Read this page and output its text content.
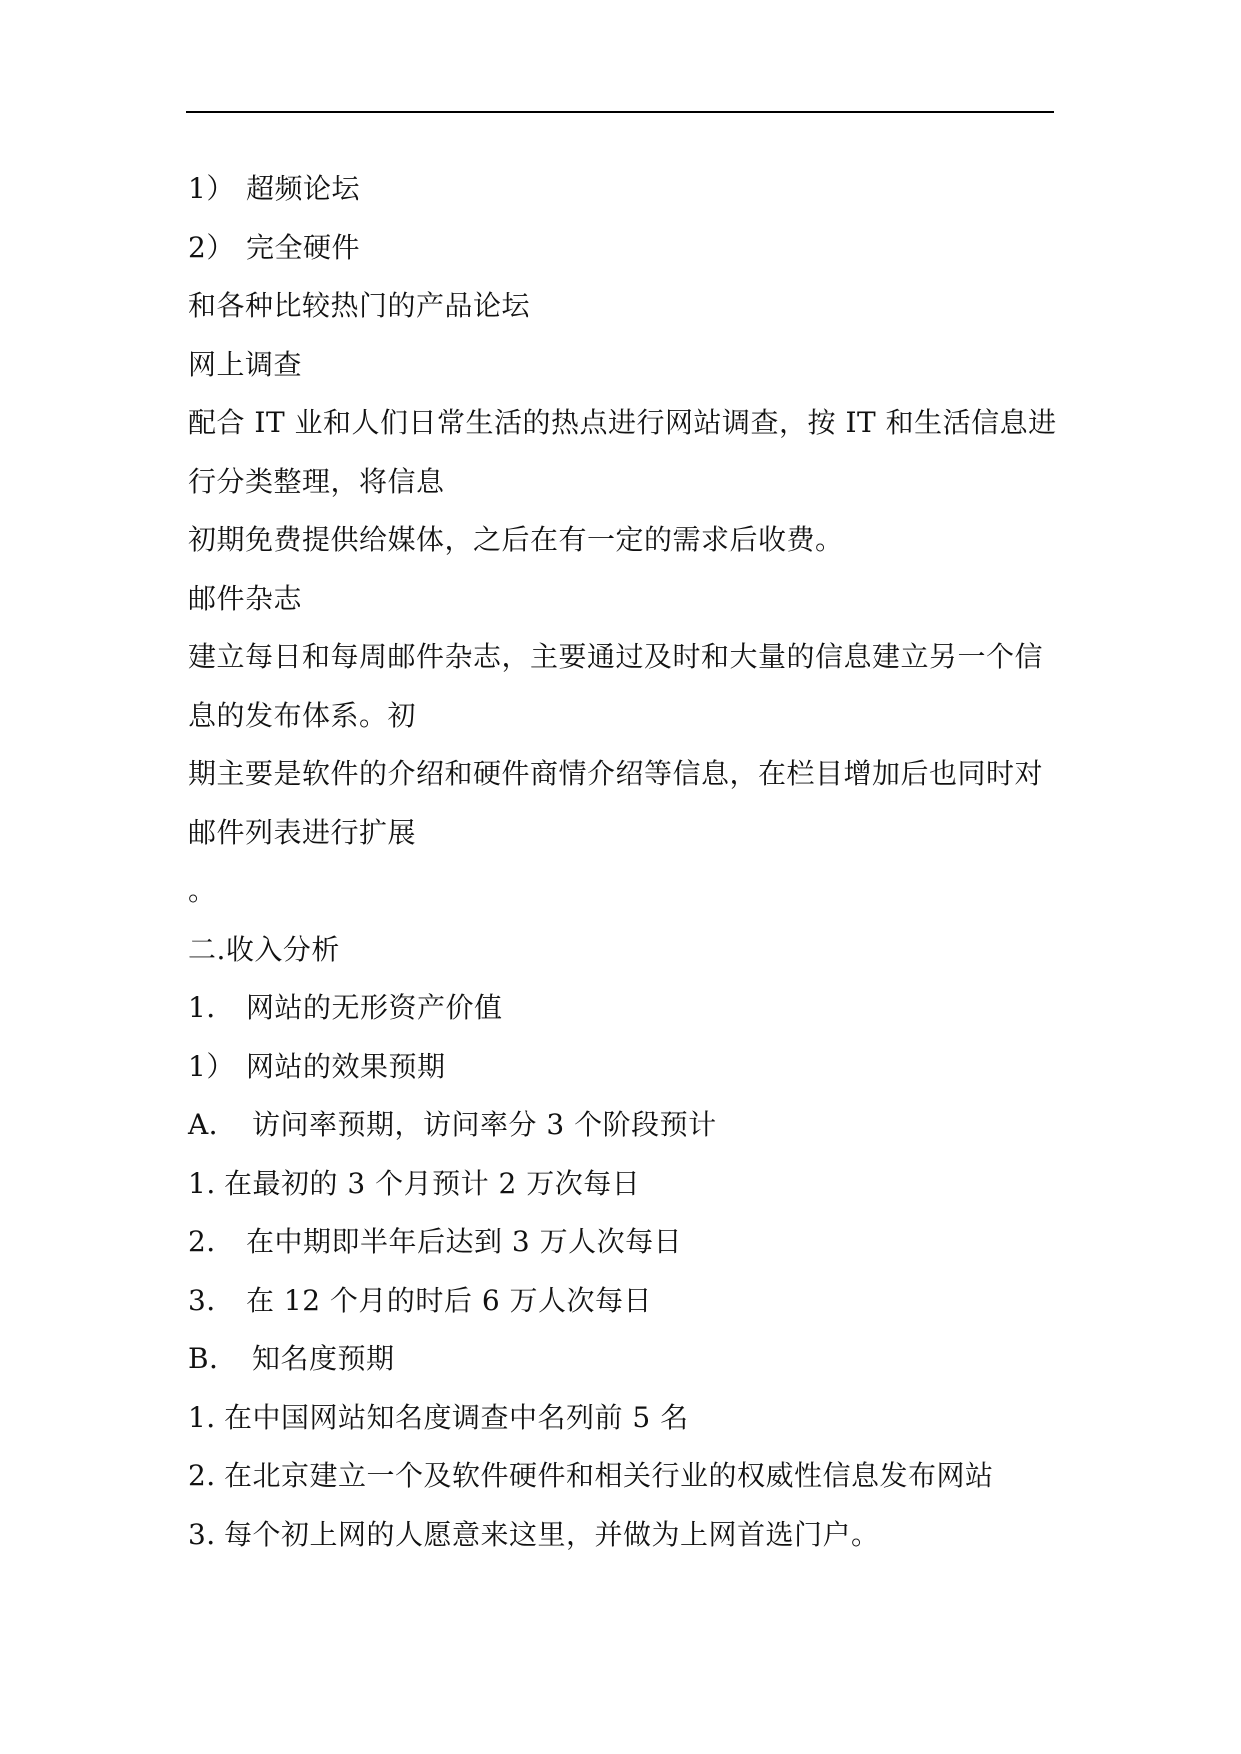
1） 超频论坛
2） 完全硬件
和各种比较热门的产品论坛
网上调查
配合 IT 业和人们日常生活的热点进行网站调查，按 IT 和生活信息进
行分类整理，将信息
初期免费提供给媒体，之后在有一定的需求后收费。
邮件杂志
建立每日和每周邮件杂志，主要通过及时和大量的信息建立另一个信
息的发布体系。初
期主要是软件的介绍和硬件商情介绍等信息，在栏目增加后也同时对
邮件列表进行扩展
。
二.收入分析
1． 网站的无形资产价值
1） 网站的效果预期
A． 访问率预期，访问率分 3 个阶段预计
1. 在最初的 3 个月预计 2 万次每日
2． 在中期即半年后达到 3 万人次每日
3． 在 12 个月的时后 6 万人次每日
B． 知名度预期
1．在中国网站知名度调查中名列前 5 名
2．在北京建立一个及软件硬件和相关行业的权威性信息发布网站
3．每个初上网的人愿意来这里，并做为上网首选门户。
